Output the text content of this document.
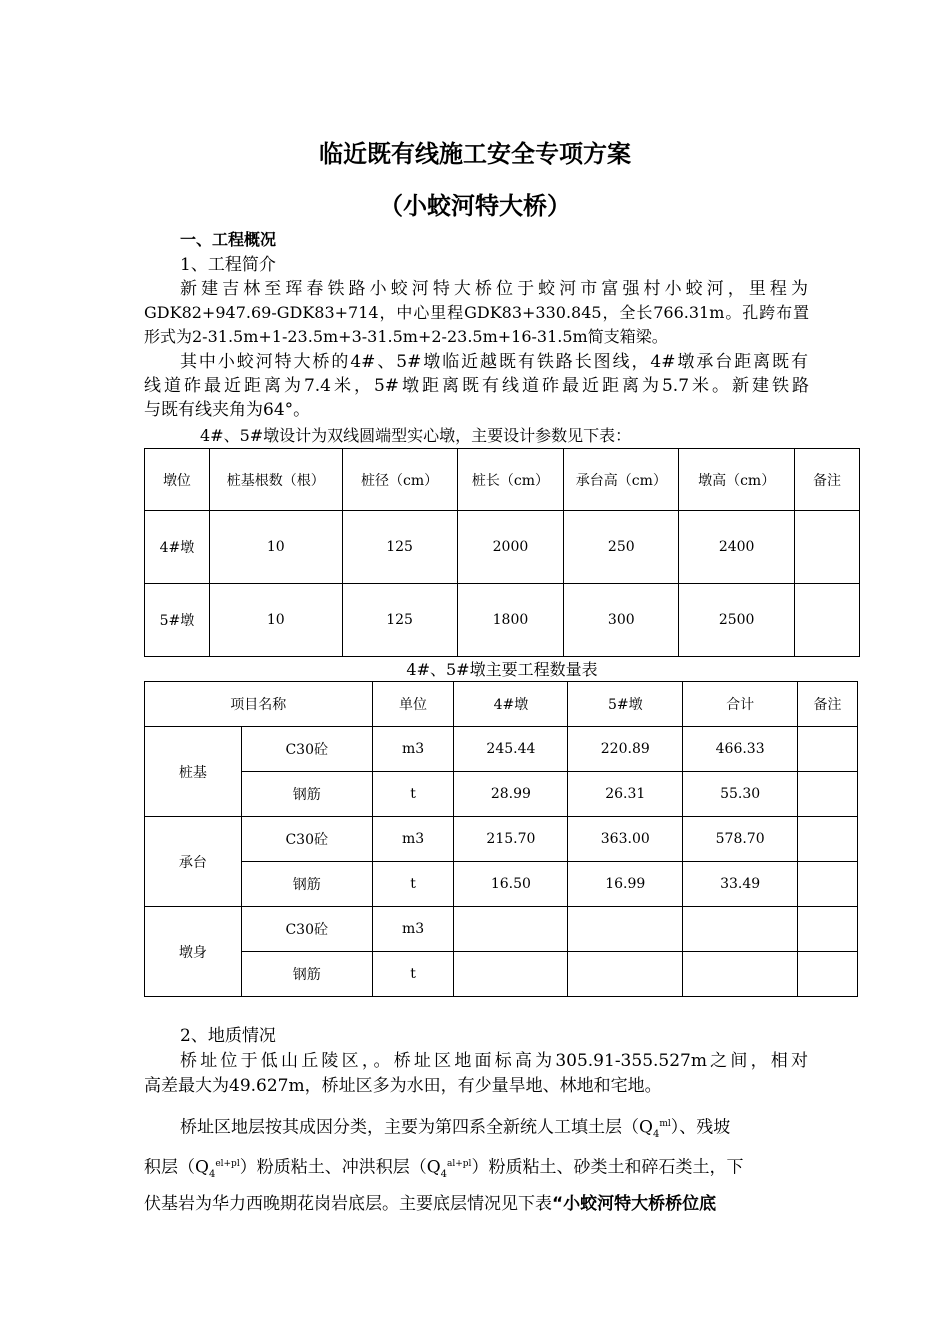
临近既有线施工安全专项方案
（小蛟河特大桥）
一、工程概况
1、工程简介
新建吉林至珲春铁路小蛟河特大桥位于蛟河市富强村小蛟河，里程为
GDK82+947.69-GDK83+714，中心里程GDK83+330.845，全长766.31m。孔跨布置
形式为2-31.5m+1-23.5m+3-31.5m+2-23.5m+16-31.5m简支箱梁。
其中小蛟河特大桥的4#、5#墩临近越既有铁路长图线，4#墩承台距离既有
线道砟最近距离为7.4米，5#墩距离既有线道砟最近距离为5.7米。新建铁路
与既有线夹角为64°。
4#、5#墩设计为双线圆端型实心墩，主要设计参数见下表：
墩位	桩基根数（根）	桩径（cm）	桩长（cm）	承台高（cm）	墩高（cm）	备注
4#墩	10	125	2000	250	2400	
5#墩	10	125	1800	300	2500	
4#、5#墩主要工程数量表
项目名称		单位	4#墩	5#墩	合计	备注
桩基	C30砼	m3	245.44	220.89	466.33	
	钢筋	t	28.99	26.31	55.30	
承台	C30砼	m3	215.70	363.00	578.70	
	钢筋	t	16.50	16.99	33.49	
墩身	C30砼	m3				
	钢筋	t				
2、地质情况
桥址位于低山丘陵区，。桥址区地面标高为305.91-355.527m之间，相对
高差最大为49.627m，桥址区多为水田，有少量旱地、林地和宅地。
桥址区地层按其成因分类，主要为第四系全新统人工填土层$(Q_4^{ml})$、残坡
积层$(Q_4^{el+pl})$粉质粘土、冲洪积层$(Q_4^{al+pl})$粉质粘土、砂类土和碎石类土，下
伏基岩为华力西晚期花岗岩底层。主要底层情况见下表“小蛟河特大桥桥位底
